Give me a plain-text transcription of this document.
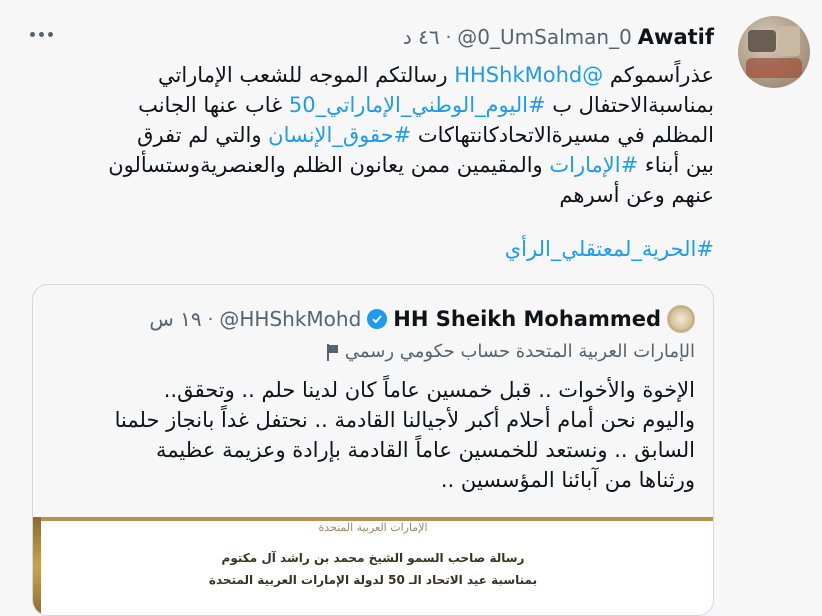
Awatif
@0_UmSalman_0
·
٤٦ د

عذراًسموكم @HHShkMohd رسالتكم الموجه للشعب الإماراتي

بمناسبةالاحتفال ب #اليوم_الوطني_الإماراتي_50 غاب عنها الجانب

المظلم في مسيرةالاتحادكانتهاكات #حقوق_الإنسان والتي لم تفرق

بين أبناء #الإمارات والمقيمين ممن يعانون الظلم والعنصريةوستسألون

عنهم وعن أسرهم

#الحرية_لمعتقلي_الرأي
HH Sheikh Mohammed
@HHShkMohd
·
١٩ س
الإمارات العربية المتحدة حساب حكومي رسمي

الإخوة والأخوات .. قبل خمسين عاماً كان لدينا حلم .. وتحقق..

واليوم نحن أمام أحلام أكبر لأجيالنا القادمة .. نحتفل غداً بانجاز حلمنا

السابق .. ونستعد للخمسين عاماً القادمة بإرادة وعزيمة عظيمة

ورثناها من آبائنا المؤسسين ..

الإمارات العربية المتحدة
رسالة صاحب السمو الشيخ محمد بن راشد آل مكتوم
بمناسبة عيد الاتحاد الـ 50 لدولة الإمارات العربية المتحدة
